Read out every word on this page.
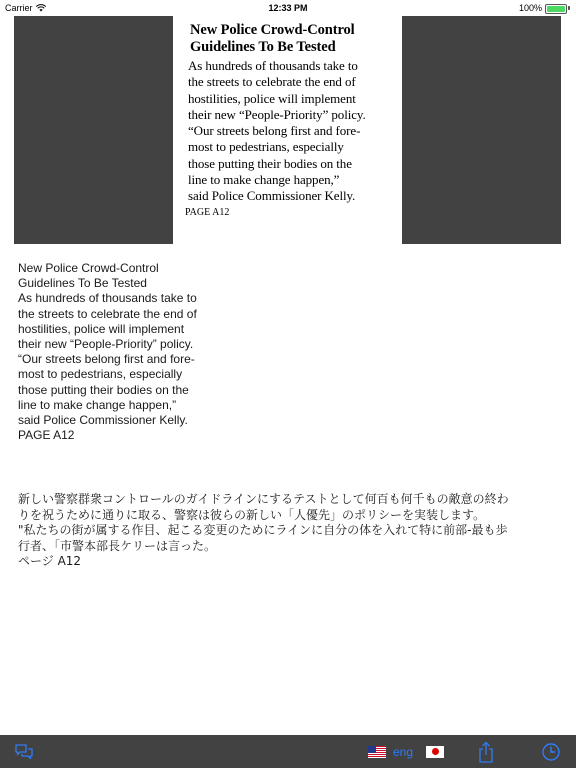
Carrier	12:33 PM	100%
New Police Crowd-Control
Guidelines To Be Tested
As hundreds of thousands take to
the streets to celebrate the end of
hostilities, police will implement
their new “People-Priority” policy.
“Our streets belong first and fore-
most to pedestrians, especially
those putting their bodies on the
line to make change happen,”
said Police Commissioner Kelly.
PAGE A12
New Police Crowd-Control
Guidelines To Be Tested
As hundreds of thousands take to
the streets to celebrate the end of
hostilities, police will implement
their new “People-Priority” policy.
“Our streets belong first and fore-
most to pedestrians, especially
those putting their bodies on the
line to make change happen,”
said Police Commissioner Kelly.
PAGE A12
新しい警察群衆コントロールのガイドラインにするテストとして何百も何千もの敵意の終わ
りを祝うために通りに取る、警察は彼らの新しい「人優先」のポリシーを実装します。
"私たちの街が属する作目、起こる変更のためにラインに自分の体を入れて特に前部-最も歩
行者、「市警本部長ケリーは言った。
ページ A12
eng
